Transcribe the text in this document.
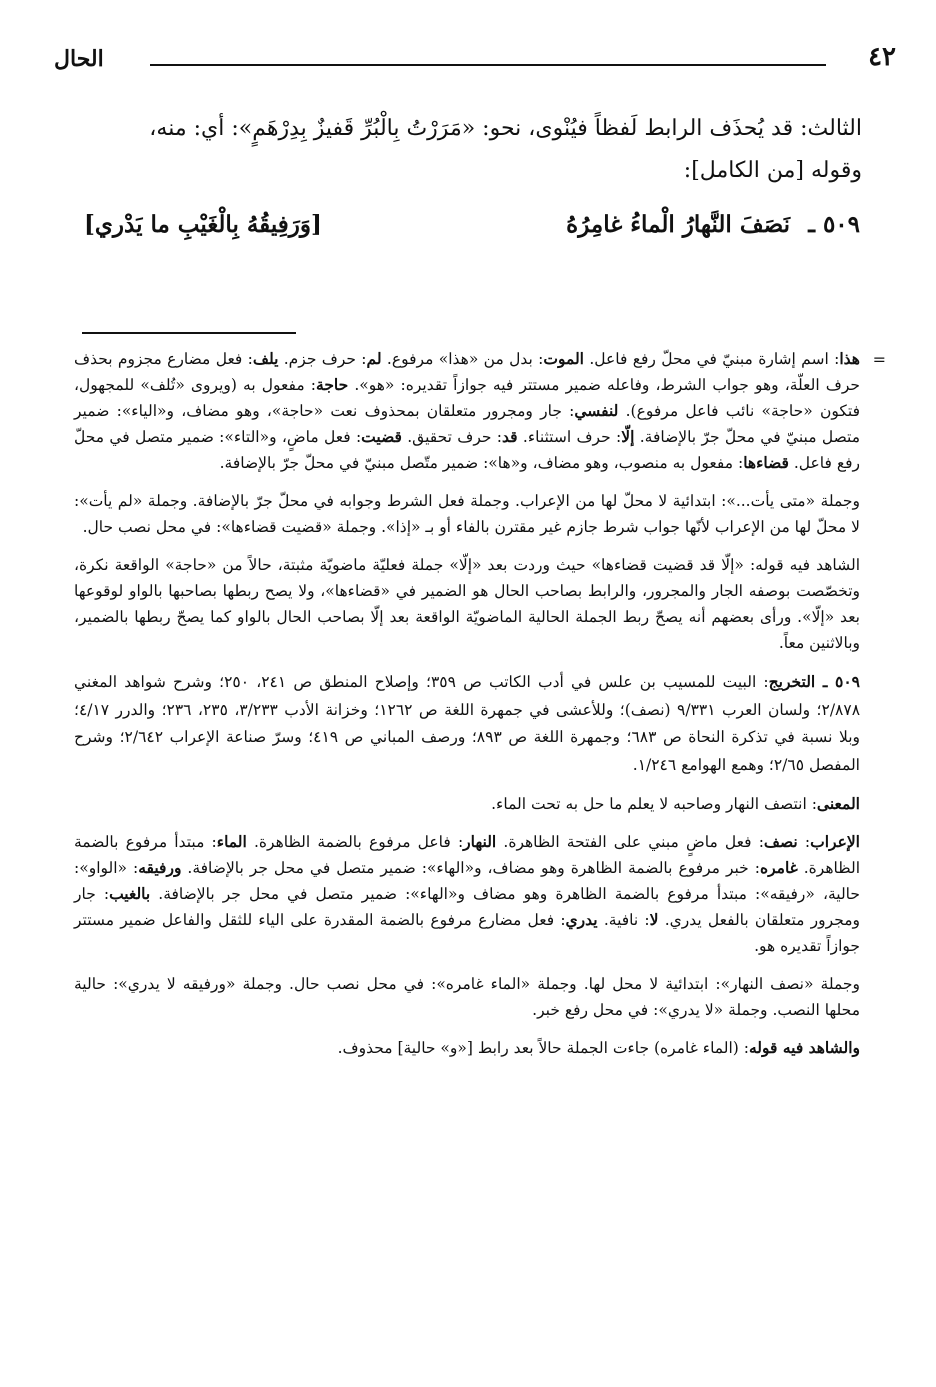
٤٢
الحال

الثالث: قد يُحذَف الرابط لَفظاً فيُنْوى، نحو: «مَرَرْتُ بِالْبُرِّ قَفيزٌ بِدِرْهَمٍ»: أي: منه،

وقوله [من الكامل]:

٥٠٩ ـ
نَصَفَ النَّهارُ الْماءُ غامِرُهُ
[وَرَفِيقُهُ بِالْغَيْبِ ما يَدْري]
=

هذا: اسم إشارة مبنيّ في محلّ رفع فاعل. الموت: بدل من «هذا» مرفوع. لم: حرف جزم. يلف: فعل مضارع مجزوم بحذف حرف العلّة، وهو جواب الشرط، وفاعله ضمير مستتر فيه جوازاً تقديره: «هو». حاجة: مفعول به (ويروى «تُلف» للمجهول، فتكون «حاجة» نائب فاعل مرفوع). لنفسي: جار ومجرور متعلقان بمحذوف نعت «حاجة»، وهو مضاف، و«الياء»: ضمير متصل مبنيّ في محلّ جرّ بالإضافة. إلّا: حرف استثناء. قد: حرف تحقيق. قضيت: فعل ماضٍ، و«التاء»: ضمير متصل في محلّ رفع فاعل. قضاءها: مفعول به منصوب، وهو مضاف، و«ها»: ضمير متّصل مبنيّ في محلّ جرّ بالإضافة.

وجملة «متى يأت...»: ابتدائية لا محلّ لها من الإعراب. وجملة فعل الشرط وجوابه في محلّ جرّ بالإضافة. وجملة «لم يأت»: لا محلّ لها من الإعراب لأنّها جواب شرط جازم غير مقترن بالفاء أو بـ «إذا». وجملة «قضيت قضاءها»: في محل نصب حال.

الشاهد فيه قوله: «إلّا قد قضيت قضاءها» حيث وردت بعد «إلّا» جملة فعليّة ماضويّة مثبتة، حالاً من «حاجة» الواقعة نكرة، وتخصّصت بوصفه الجار والمجرور، والرابط بصاحب الحال هو الضمير في «قضاءها»، ولا يصح ربطها بصاحبها بالواو لوقوعها بعد «إلّا». ورأى بعضهم أنه يصحّ ربط الجملة الحالية الماضويّة الواقعة بعد إلّا بصاحب الحال بالواو كما يصحّ ربطها بالضمير، وبالاثنين معاً.

٥٠٩ ـ التخريج: البيت للمسيب بن علس في أدب الكاتب ص ٣٥٩؛ وإصلاح المنطق ص ٢٤١، ٢٥٠؛ وشرح شواهد المغني ٢/٨٧٨؛ ولسان العرب ٩/٣٣١ (نصف)؛ وللأعشى في جمهرة اللغة ص ١٢٦٢؛ وخزانة الأدب ٣/٢٣٣، ٢٣٥، ٢٣٦؛ والدرر ٤/١٧؛ وبلا نسبة في تذكرة النحاة ص ٦٨٣؛ وجمهرة اللغة ص ٨٩٣؛ ورصف المباني ص ٤١٩؛ وسرّ صناعة الإعراب ٢/٦٤٢؛ وشرح المفصل ٢/٦٥؛ وهمع الهوامع ١/٢٤٦.

المعنى: انتصف النهار وصاحبه لا يعلم ما حل به تحت الماء.

الإعراب: نصف: فعل ماضٍ مبني على الفتحة الظاهرة. النهار: فاعل مرفوع بالضمة الظاهرة. الماء: مبتدأ مرفوع بالضمة الظاهرة. غامره: خبر مرفوع بالضمة الظاهرة وهو مضاف، و«الهاء»: ضمير متصل في محل جر بالإضافة. ورفيقه: «الواو»: حالية، «رفيقه»: مبتدأ مرفوع بالضمة الظاهرة وهو مضاف و«الهاء»: ضمير متصل في محل جر بالإضافة. بالغيب: جار ومجرور متعلقان بالفعل يدري. لا: نافية. يدري: فعل مضارع مرفوع بالضمة المقدرة على الياء للثقل والفاعل ضمير مستتر جوازاً تقديره هو.

وجملة «نصف النهار»: ابتدائية لا محل لها. وجملة «الماء غامره»: في محل نصب حال. وجملة «ورفيقه لا يدري»: حالية محلها النصب. وجملة «لا يدري»: في محل رفع خبر.

والشاهد فيه قوله: (الماء غامره) جاءت الجملة حالاً بعد رابط [«و» حالية] محذوف.
